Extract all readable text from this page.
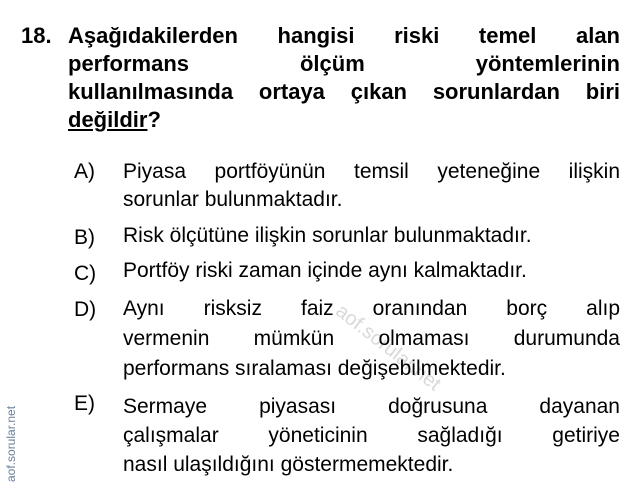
aof.sorular.net
18. Aşağıdakilerden hangisi riski temel alan
performans ölçüm yöntemlerinin
kullanılmasında ortaya çıkan sorunlardan biri
değildir?
A) Piyasa portföyünün temsil yeteneğine ilişkin
sorunlar bulunmaktadır.
B) Risk ölçütüne ilişkin sorunlar bulunmaktadır.
C) Portföy riski zaman içinde aynı kalmaktadır.
D) Aynı risksiz faiz oranından borç alıp
vermenin mümkün olmaması durumunda
performans sıralaması değişebilmektedir.
E) Sermaye piyasası doğrusuna dayanan
çalışmalar yöneticinin sağladığı getiriye
nasıl ulaşıldığını göstermemektedir.
aof.sorular.net
